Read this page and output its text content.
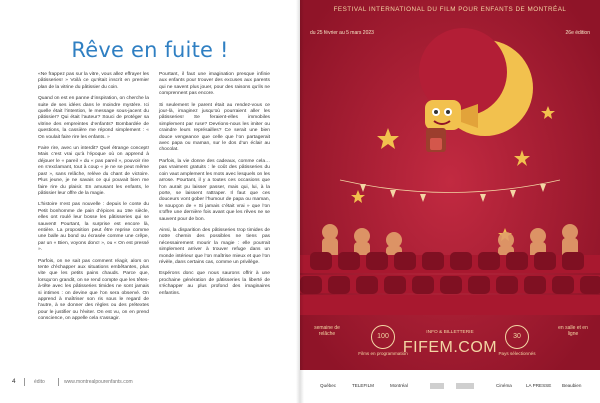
Rêve en fuite !

«Ne frappez pas sur la vitre, vous allez effrayer les pâtisseries! » Voilà ce qu’était inscrit en premier plan de la vitrine du pâtissier du coin.

Quand on est en panne d’inspiration, on cherche la suite de ses idées dans le moindre mystère. Ici quelle était l’intention, le message sous-jacent du pâtissier? Qui était l’auteur? Souci de protéger sa vitrine des empreintes d’enfants? Bombardée de questions, la cassière me répond simplement : « On voulait faire rire les enfants. »

Faire rire, avec un interdit? Quel étrange concept! Mais c’est vrai qu’à l’époque où on apprend à déjouer le « pareil » du « pas pareil », pouvoir rire en s’exclamant, tout à coup « je ne se peut même pas! », sans relâche, relève du chant de victoire. Plus jeune, je ne savais ce qui pouvait bien me faire rire du plaisir. En amusant les enfants, le pâtissier leur offre de la magie.

L’histoire n’est pas nouvelle : depuis le conte du Petit bonhomme de pain d’épices au 19e siècle, elles ont roulé leur bosse les pâtisseries qui se sauvent! Pourtant, la surprise est encore là, entière. La proposition peut être reprise comme une balle au bond ou écrasée comme une crêpe, par un « Bien, voyons donc! », ou « On est pressé ».

Parfois, on ne sait pas comment réagir, alors on tente d’échapper aux situations embêtantes, plus vite que les petits pains chauds. Parce que, lorsqu’on grandit, on se rend compte que les têtes-à-tête avec les pâtisseries timides ne sont jamais si intimes : on devine que l’on sera observé. On apprend à maîtriser son ris sous le regard de l’autre, à se donner des règles ou des prétextes pour le justifier ou l’éviter. On est vu, on en prend conscience, on appelle cela s’assagir.

Pourtant, il faut une imagination presque infinie aux enfants pour trouver des excuses aux parents qui ne savent plus jouer, pour des raisons qu’ils ne comprennent pas encore.

Si seulement le parent était au rendez-vous ce jour-là, imaginez jusqu’où pourraient aller les pâtisseries! Se feraient-elles immobiles simplement par ruse? Devrions-nous les imiter ou craindre leurs représailles? Ce serait une bien douce vengeance que celle que l’on partagerait avec papa ou maman, sur le dos d’un éclair au chocolat.

Parfois, la vie donne des cadeaux, comme cela… pas vraiment gratuits : le coût des pâtisseries du coin vaut amplement les mots avec lesquels on les arrose. Pourtant, il y a toutes ces occasions que l’on aurait pu laisser passer, mais qui, lui, à la porte, se laissent rattraper. Il faut que ces douceurs vont gober l’humour de papa ou maman, le soupçon de « Si jamais c’était vrai » que l’on s’offre une dernière fois avant que les rêves ne se sauvent pour de bon.

Ainsi, la disparition des pâtisseries trop timides de notre chemin des possibles ne tiens pas nécessairement mourir la magie : elle pourrait simplement arriver à trouver refuge dans un monde intérieur que l’on maîtrise mieux et que l’on révèle, dans certains cas, comme un privilège.

Espérons donc que nous saurons offrir à une prochaine génération de pâtisseries la liberté de s’échapper au plus profond des imaginaires enfantins.

4	édito	www.montrealpourenfants.com
FESTIVAL INTERNATIONAL DU FILM POUR ENFANTS DE MONTRÉAL
du 25 février au 5 mars 2023	26e édition
semaine de relâche
en salle et en ligne
100
Films en programmation
30
Pays sélectionnés
INFO & BILLETTERIE
FIFEM.COM
Québec	TELEFILM	Montréal	Cinéma	LA PRESSE Beaubien
